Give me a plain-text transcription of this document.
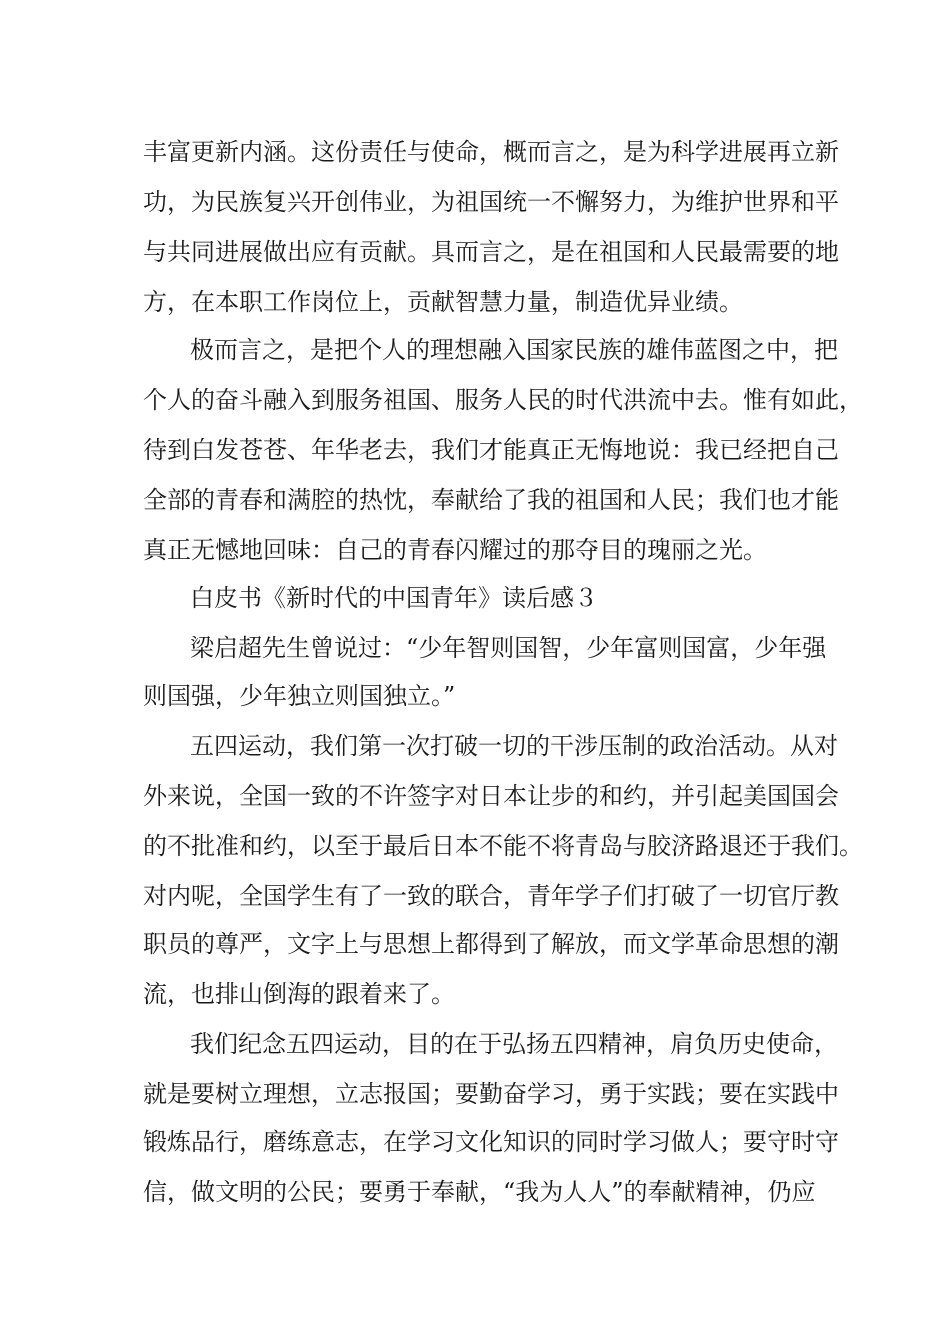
丰富更新内涵。这份责任与使命，概而言之，是为科学进展再立新
功，为民族复兴开创伟业，为祖国统一不懈努力，为维护世界和平
与共同进展做出应有贡献。具而言之，是在祖国和人民最需要的地
方，在本职工作岗位上，贡献智慧力量，制造优异业绩。
极而言之，是把个人的理想融入国家民族的雄伟蓝图之中，把
个人的奋斗融入到服务祖国、服务人民的时代洪流中去。惟有如此，
待到白发苍苍、年华老去，我们才能真正无悔地说：我已经把自己
全部的青春和满腔的热忱，奉献给了我的祖国和人民；我们也才能
真正无憾地回味：自己的青春闪耀过的那夺目的瑰丽之光。
白皮书《新时代的中国青年》读后感３
梁启超先生曾说过：“少年智则国智，少年富则国富，少年强
则国强，少年独立则国独立。”
五四运动，我们第一次打破一切的干涉压制的政治活动。从对
外来说，全国一致的不许签字对日本让步的和约，并引起美国国会
的不批准和约，以至于最后日本不能不将青岛与胶济路退还于我们。
对内呢，全国学生有了一致的联合，青年学子们打破了一切官厅教
职员的尊严，文字上与思想上都得到了解放，而文学革命思想的潮
流，也排山倒海的跟着来了。
我们纪念五四运动，目的在于弘扬五四精神，肩负历史使命，
就是要树立理想，立志报国；要勤奋学习，勇于实践；要在实践中
锻炼品行，磨练意志，在学习文化知识的同时学习做人；要守时守
信，做文明的公民；要勇于奉献，“我为人人”的奉献精神，仍应
